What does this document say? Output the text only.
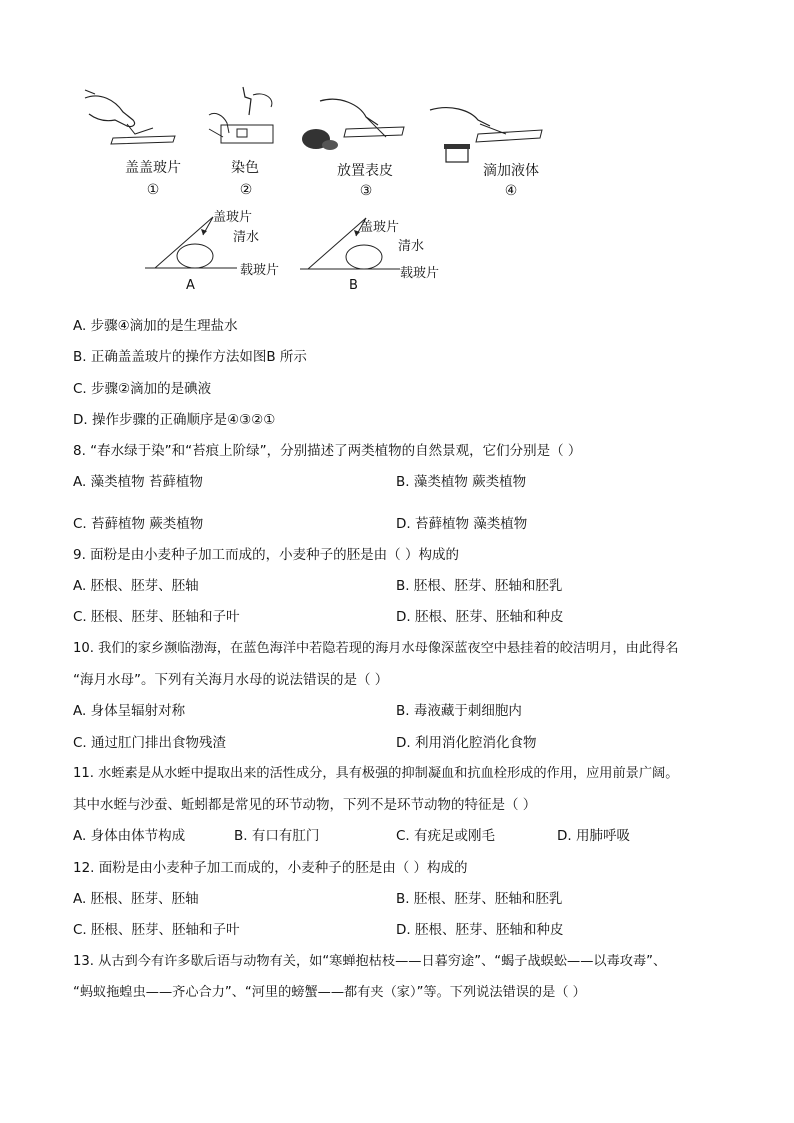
盖盖玻片
①
染色
②
放置表皮
③
滴加液体
④
盖玻片
清水
载玻片
A
盖玻片
清水
载玻片
B
A. 步骤④滴加的是生理盐水
B. 正确盖盖玻片的操作方法如图B 所示
C. 步骤②滴加的是碘液
D. 操作步骤的正确顺序是④③②①
8. “春水绿于染”和“苔痕上阶绿”，分别描述了两类植物的自然景观，它们分别是（ ）
A. 藻类植物 苔藓植物	B. 藻类植物 蕨类植物
C. 苔藓植物 蕨类植物	D. 苔藓植物 藻类植物
9. 面粉是由小麦种子加工而成的，小麦种子的胚是由（ ）构成的
A. 胚根、胚芽、胚轴	B. 胚根、胚芽、胚轴和胚乳
C. 胚根、胚芽、胚轴和子叶	D. 胚根、胚芽、胚轴和种皮
10. 我们的家乡濒临渤海，在蓝色海洋中若隐若现的海月水母像深蓝夜空中悬挂着的皎洁明月，由此得名
“海月水母”。下列有关海月水母的说法错误的是（ ）
A. 身体呈辐射对称	B. 毒液藏于刺细胞内
C. 通过肛门排出食物残渣	D. 利用消化腔消化食物
11. 水蛭素是从水蛭中提取出来的活性成分，具有极强的抑制凝血和抗血栓形成的作用，应用前景广阔。
其中水蛭与沙蚕、蚯蚓都是常见的环节动物，下列不是环节动物的特征是（ ）
A. 身体由体节构成	B. 有口有肛门	C. 有疣足或刚毛	D. 用肺呼吸
12. 面粉是由小麦种子加工而成的，小麦种子的胚是由（ ）构成的
A. 胚根、胚芽、胚轴	B. 胚根、胚芽、胚轴和胚乳
C. 胚根、胚芽、胚轴和子叶	D. 胚根、胚芽、胚轴和种皮
13. 从古到今有许多歇后语与动物有关，如“寒蝉抱枯枝——日暮穷途”、“蝎子战蜈蚣——以毒攻毒”、
“蚂蚁拖蝗虫——齐心合力”、“河里的螃蟹——都有夹（家）”等。下列说法错误的是（ ）
